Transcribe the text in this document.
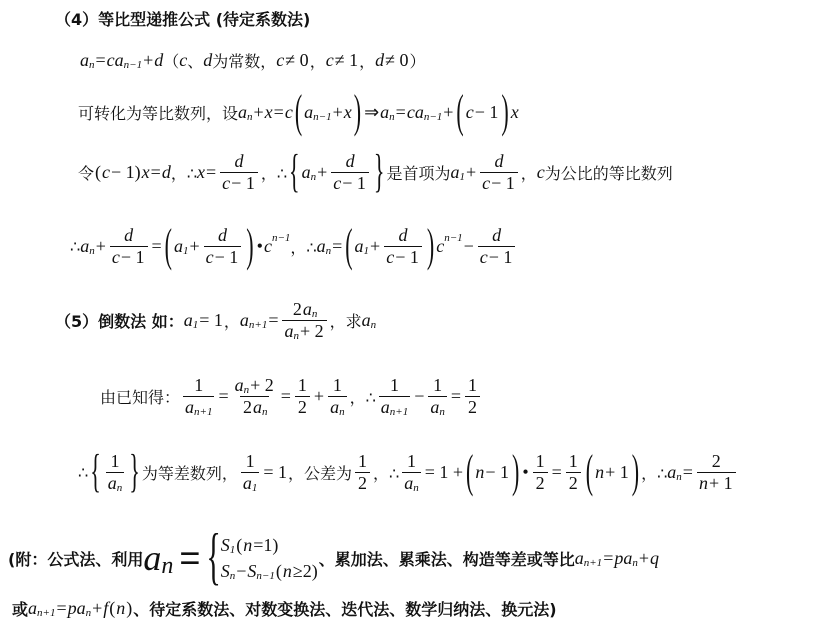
（4）等比型递推公式 (待定系数法)
a n = ca n−1 + d （ c 、 d 为常数， c ≠ 0 ， c ≠ 1 ， d ≠ 0 ）
可转化为等比数列，设 a n + x = c ( a n−1 + x ) ⇒ a n = ca n−1 + ( c − 1 ) x
令 ( c − 1) x = d ，∴ $x = \frac{d}{c - 1}$ ，∴ { a $n + \frac{d}{c - 1}$ } 是首项为 a $1 + \frac{d}{c - 1}$ ， c 为公比的等比数列
∴ a $n + \frac{d}{c - 1}$ = ( a $1 + \frac{d}{c - 1}$ ) • c n−1 ，∴ a n = ( a $1 + \frac{d}{c - 1}$ ) c $n-1 - \frac{d}{c - 1}$
（5）倒数法 如： a 1 = 1 ， a $n+1 = \frac{\text{2 a n}}{\text{a n + 2}}$ ，求 a n
由已知得： $\frac{1}{\text{a n+1}} = \frac{\text{a n + 2}}{\text{2 a n}} = \frac{1}{2} + \frac{1}{\text{a n}}$ ，∴ $\frac{1}{\text{a n+1}} - \frac{1}{\text{a n}} = \frac{1}{2}$
∴ { $\frac{1}{\text{a n}}$ } 为等差数列， $\frac{1}{a 1} = 1$ ，公差为 $\frac{1}{2}$ ，∴ $\frac{1}{\text{a n}} = 1$ + ( n − 1 ) • $\frac{1}{2} = \frac{1}{2}$ ( n + 1 ) ，∴ a $n = \frac{2}{n + 1}$
(附：公式法、利用 a n = { S 1 ( n =1)
S n − S n−1 ( n ≥2)
、累加法、累乘法、构造等差或等比 a n+1 = pa n + q
或 a n+1 = pa n + f ( n ) 、待定系数法、对数变换法、迭代法、数学归纳法、换元法)
